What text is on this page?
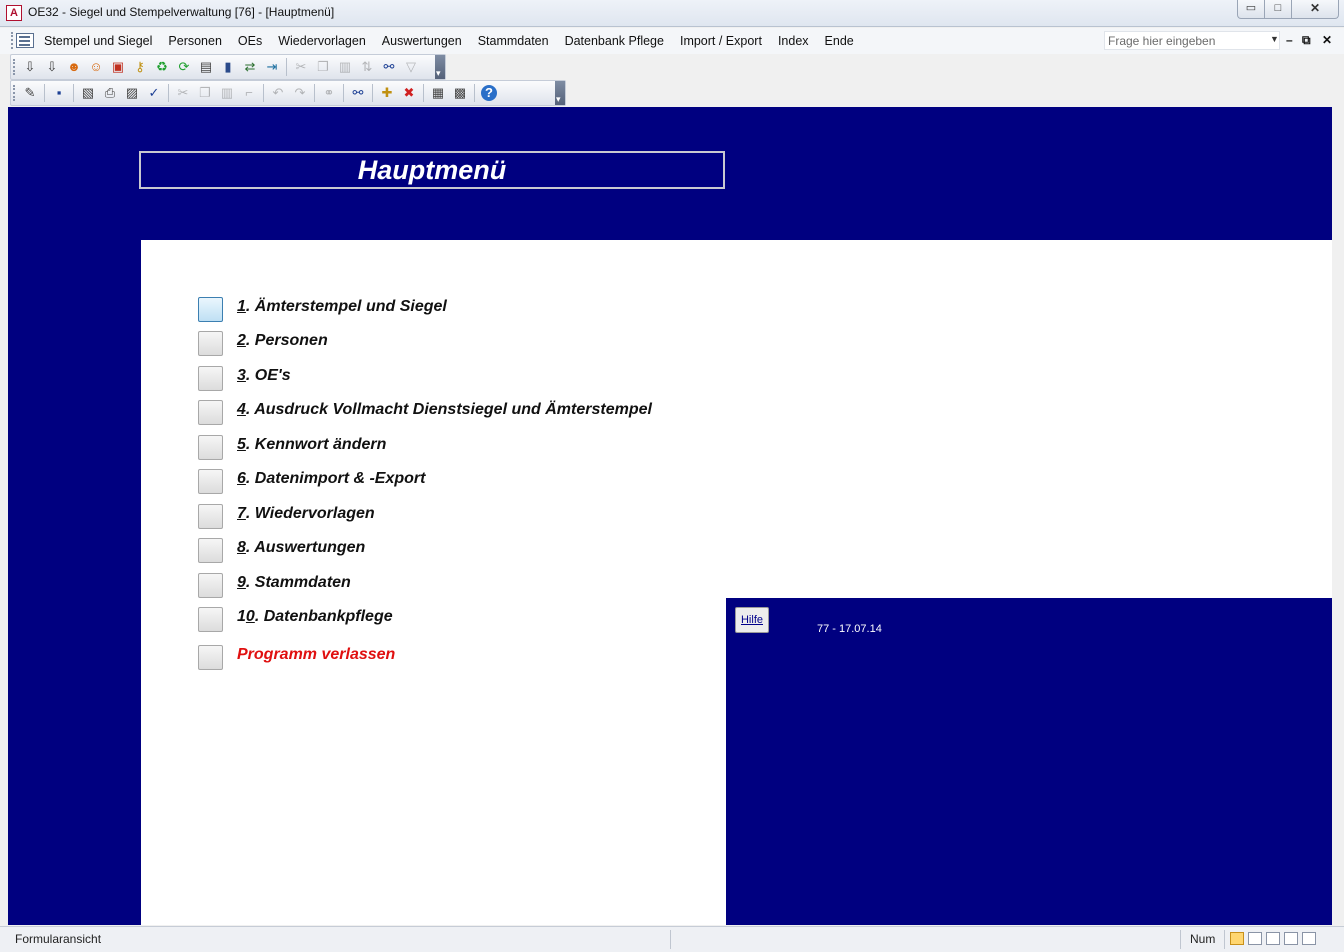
A OE32 - Siegel und Stempelverwaltung [76] - [Hauptmenü]	▭	□	✕
Stempel und Siegel	Personen	OEs	Wiedervorlagen	Auswertungen	Stammdaten	Datenbank Pflege	Import / Export	Index	Ende	Frage hier eingeben	▼ – ⧉ ✕
⇩ ⇩ ☻ ☺ ▣ ⚷ ♻ ⟳ ▤ ▮ ⇄ ⇥ ✂ ❐ ▥ ⇅ ⚯ ▽
▾
✎	▪	▧ ⎙ ▨ ✓ ✂ ❐ ▥ ⌐	↶ ↷ ⚭ ⚯ ✚ ✖ ▦ ▩	?
▾
Hauptmenü
1. Ämterstempel und Siegel
2. Personen
3. OE's
4. Ausdruck Vollmacht Dienstsiegel und Ämterstempel
5. Kennwort ändern
6. Datenimport & -Export
7. Wiedervorlagen
8. Auswertungen
9. Stammdaten
10. Datenbankpflege
Programm verlassen
Hilfe
77 - 17.07.14
Formularansicht	Num
